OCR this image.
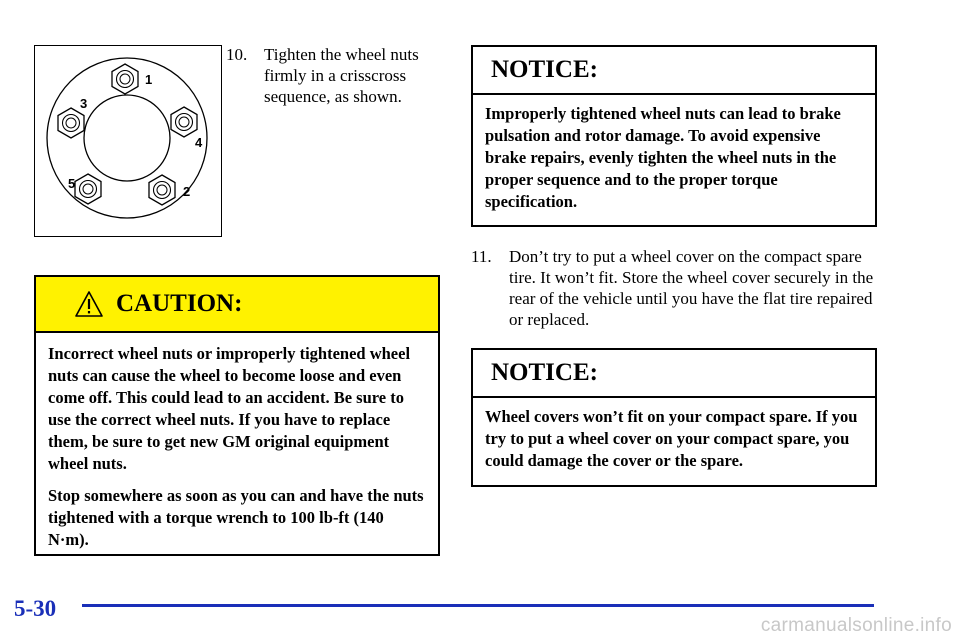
1
2
3
4
5
10. Tighten the wheel nuts firmly in a crisscross sequence, as shown.
CAUTION:

Incorrect wheel nuts or improperly tightened wheel nuts can cause the wheel to become loose and even come off. This could lead to an accident. Be sure to use the correct wheel nuts. If you have to replace them, be sure to get new GM original equipment wheel nuts.

Stop somewhere as soon as you can and have the nuts tightened with a torque wrench to 100 lb-ft (140 N·m).

NOTICE:
Improperly tightened wheel nuts can lead to brake pulsation and rotor damage. To avoid expensive brake repairs, evenly tighten the wheel nuts in the proper sequence and to the proper torque specification.
11.	Don’t try to put a wheel cover on the compact spare tire. It won’t fit. Store the wheel cover securely in the rear of the vehicle until you have the flat tire repaired or replaced.
NOTICE:
Wheel covers won’t fit on your compact spare. If you try to put a wheel cover on your compact spare, you could damage the cover or the spare.
5-30
carmanualsonline.info
